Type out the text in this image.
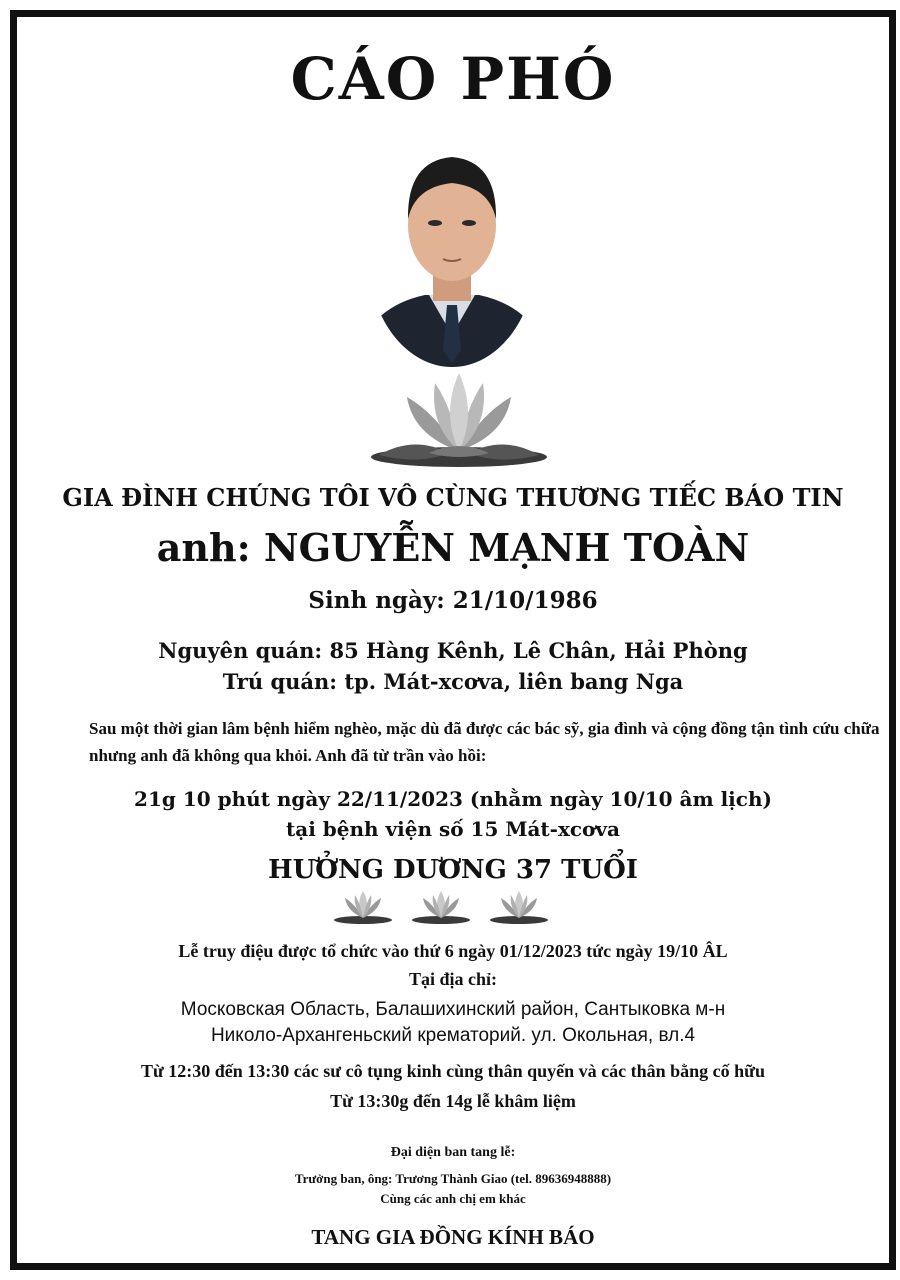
CÁO PHÓ
GIA ĐÌNH CHÚNG TÔI VÔ CÙNG THƯƠNG TIẾC BÁO TIN
anh: NGUYỄN MẠNH TOÀN
Sinh ngày: 21/10/1986
Nguyên quán: 85 Hàng Kênh, Lê Chân, Hải Phòng
Trú quán: tp. Mát-xcơva, liên bang Nga
Sau một thời gian lâm bệnh hiểm nghèo, mặc dù đã được các bác sỹ, gia đình và cộng đồng tận tình cứu chữa
nhưng anh đã không qua khỏi. Anh đã từ trần vào hồi:
21g 10 phút ngày 22/11/2023 (nhằm ngày 10/10 âm lịch)
tại bệnh viện số 15 Mát-xcơva
HƯỞNG DƯƠNG 37 TUỔI
Lễ truy điệu được tổ chức vào thứ 6 ngày 01/12/2023 tức ngày 19/10 ÂL
Tại địa chỉ:
Московская Область, Балашихинский район, Сантыковка м-н
Николо-Архангеньский крематорий. ул. Окольная, вл.4
Từ 12:30 đến 13:30 các sư cô tụng kinh cùng thân quyến và các thân bằng cố hữu
Từ 13:30g đến 14g lễ khâm liệm
Đại diện ban tang lễ:
Trưởng ban, ông: Trương Thành Giao (tel. 89636948888)
Cùng các anh chị em khác
TANG GIA ĐỒNG KÍNH BÁO
